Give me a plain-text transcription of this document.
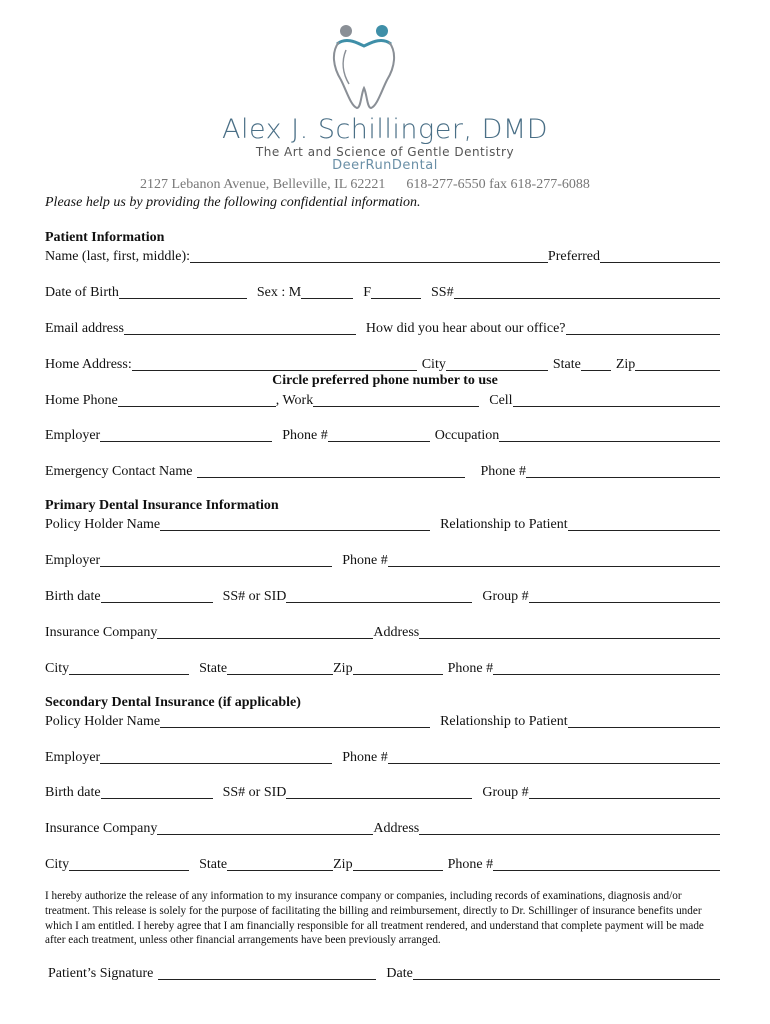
Alex J. Schillinger, DMD
The Art and Science of Gentle Dentistry
DeerRunDental
2127 Lebanon Avenue, Belleville, IL 62221      618-277-6550 fax 618-277-6088
Please help us by providing the following confidential information.
Patient Information
Name (last, first, middle):	Preferred
Date of Birth	Sex : M	F	SS#
Email address	How did you hear about our office?
Home Address:	City	State	Zip
Circle preferred phone number to use
Home Phone	, Work	Cell
Employer	Phone #	Occupation
Emergency Contact Name	Phone #
Primary Dental Insurance Information
Policy Holder Name	Relationship to Patient
Employer	Phone #
Birth date	SS# or SID	Group #
Insurance Company	Address
City	State	Zip	Phone #
Secondary Dental Insurance (if applicable)
Policy Holder Name	Relationship to Patient
Employer	Phone #
Birth date	SS# or SID	Group #
Insurance Company	Address
City	State	Zip	Phone #
I hereby authorize the release of any information to my insurance company or companies, including records of examinations, diagnosis and/or treatment. This release is solely for the purpose of facilitating the billing and reimbursement, directly to Dr. Schillinger of insurance benefits under which I am entitled. I hereby agree that I am financially responsible for all treatment rendered, and understand that complete payment will be made after each treatment, unless other financial arrangements have been previously arranged.
Patient’s Signature	Date
